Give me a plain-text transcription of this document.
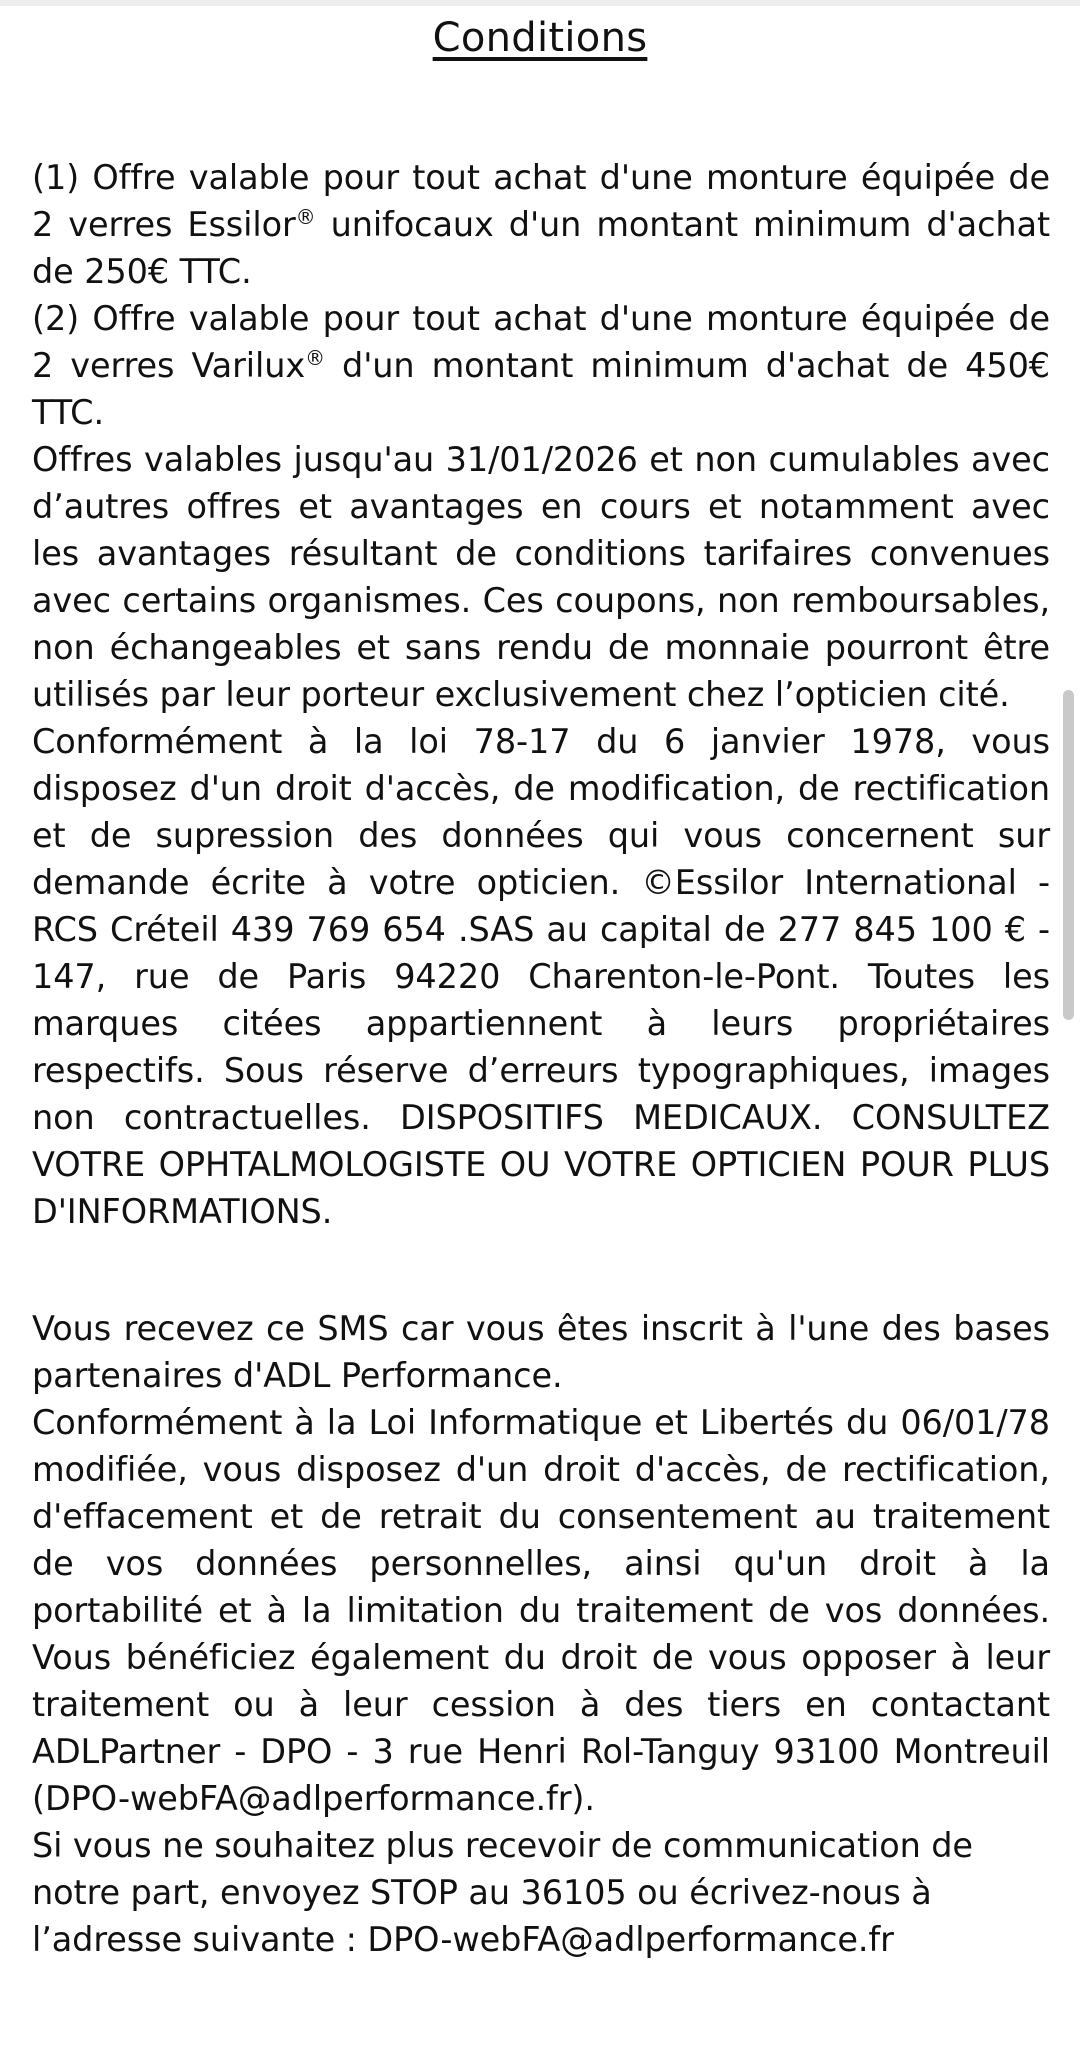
Conditions

(1) Offre valable pour tout achat d'une monture équipée de 2 verres Essilor® unifocaux d'un montant minimum d'achat de 250€ TTC.

(2) Offre valable pour tout achat d'une monture équipée de 2 verres Varilux® d'un montant minimum d'achat de 450€ TTC.

Offres valables jusqu'au 31/01/2026 et non cumulables avec d’autres offres et avantages en cours et notamment avec les avantages résultant de conditions tarifaires convenues avec certains organismes. Ces coupons, non remboursables, non échangeables et sans rendu de monnaie pourront être utilisés par leur porteur exclusivement chez l’opticien cité.

Conformément à la loi 78-17 du 6 janvier 1978, vous disposez d'un droit d'accès, de modification, de rectification et de supression des données qui vous concernent sur demande écrite à votre opticien. ©Essilor International - RCS Créteil 439 769 654 .SAS au capital de 277 845 100 € - 147, rue de Paris 94220 Charenton-le-Pont. Toutes les marques citées appartiennent à leurs propriétaires respectifs. Sous réserve d’erreurs typographiques, images non contractuelles. DISPOSITIFS MEDICAUX. CONSULTEZ VOTRE OPHTALMOLOGISTE OU VOTRE OPTICIEN POUR PLUS D'INFORMATIONS.

Vous recevez ce SMS car vous êtes inscrit à l'une des bases partenaires d'ADL Performance.

Conformément à la Loi Informatique et Libertés du 06/01/78 modifiée, vous disposez d'un droit d'accès, de rectification, d'effacement et de retrait du consentement au traitement de vos données personnelles, ainsi qu'un droit à la portabilité et à la limitation du traitement de vos données. Vous bénéficiez également du droit de vous opposer à leur traitement ou à leur cession à des tiers en contactant ADLPartner - DPO - 3 rue Henri Rol-Tanguy 93100 Montreuil (DPO-webFA@adlperformance.fr).

Si vous ne souhaitez plus recevoir de communication de notre part, envoyez STOP au 36105 ou écrivez-nous à l’adresse suivante : DPO-webFA@adlperformance.fr
